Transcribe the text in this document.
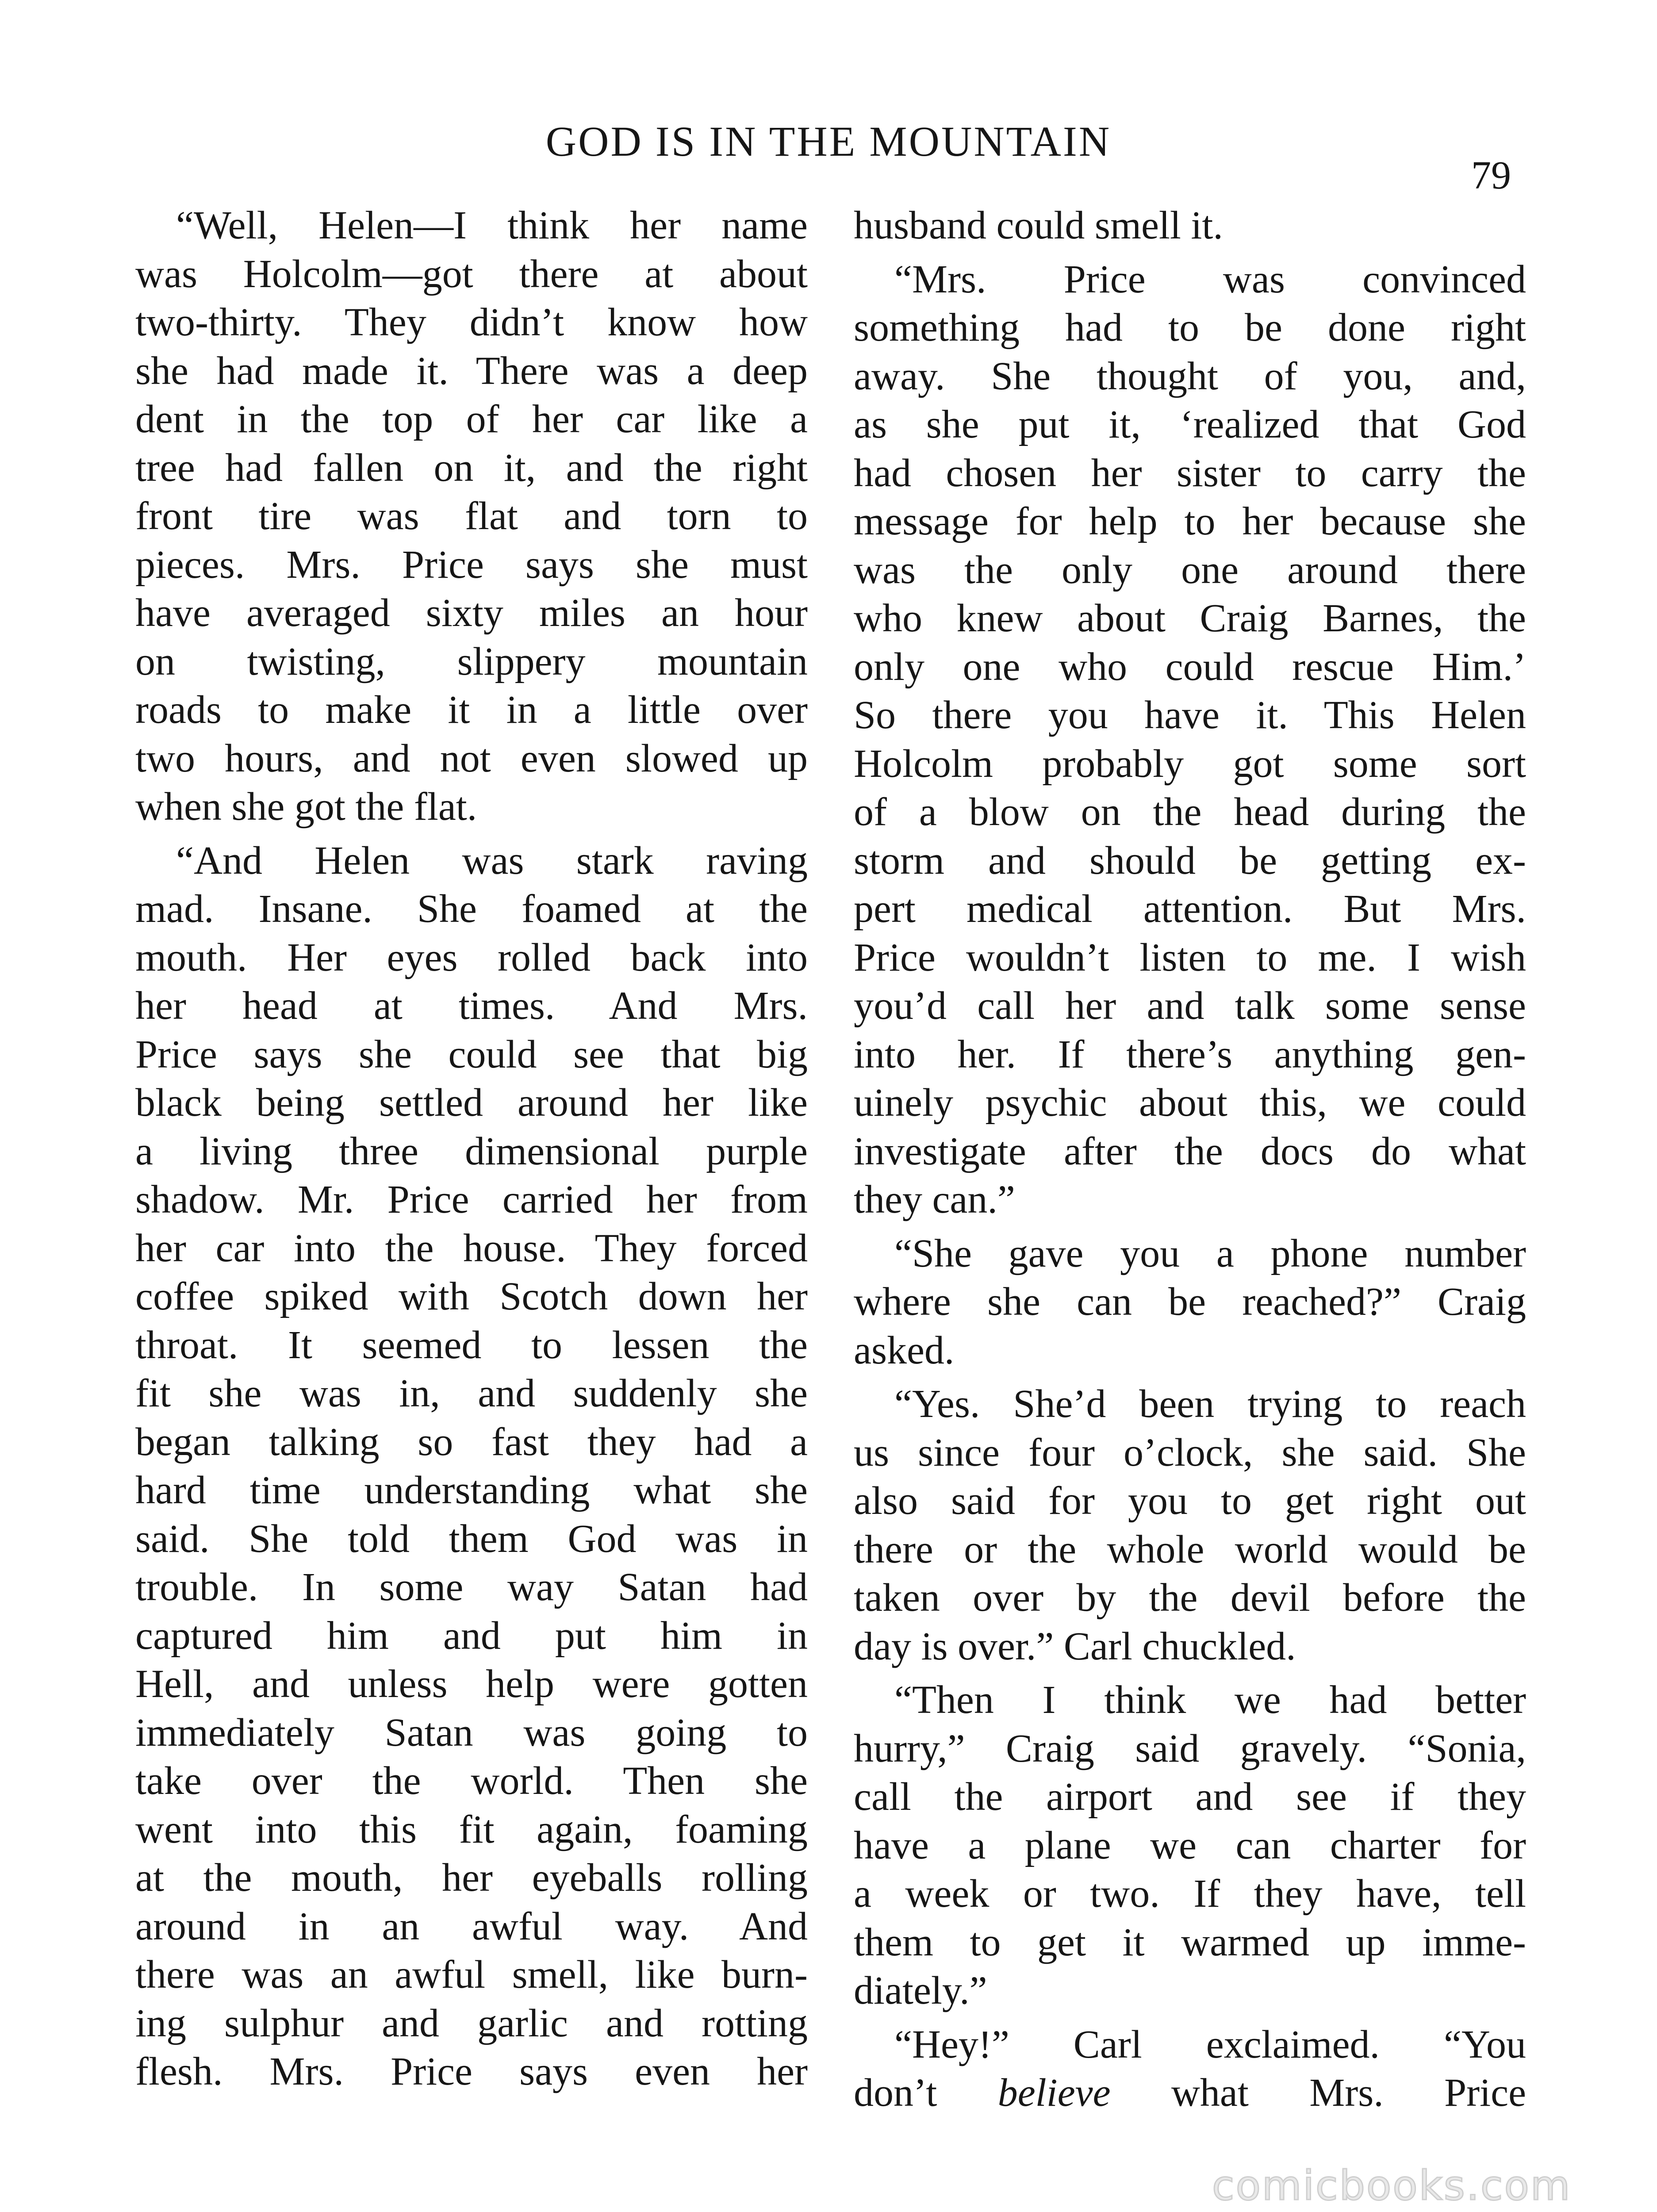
GOD IS IN THE MOUNTAIN
79
“Well, Helen—I think her name
was Holcolm—got there at about
two-thirty. They didn’t know how
she had made it. There was a deep
dent in the top of her car like a
tree had fallen on it, and the right
front tire was flat and torn to
pieces. Mrs. Price says she must
have averaged sixty miles an hour
on twisting, slippery mountain
roads to make it in a little over
two hours, and not even slowed up
when she got the flat.
“And Helen was stark raving
mad. Insane. She foamed at the
mouth. Her eyes rolled back into
her head at times. And Mrs.
Price says she could see that big
black being settled around her like
a living three dimensional purple
shadow. Mr. Price carried her from
her car into the house. They forced
coffee spiked with Scotch down her
throat. It seemed to lessen the
fit she was in, and suddenly she
began talking so fast they had a
hard time understanding what she
said. She told them God was in
trouble. In some way Satan had
captured him and put him in
Hell, and unless help were gotten
immediately Satan was going to
take over the world. Then she
went into this fit again, foaming
at the mouth, her eyeballs rolling
around in an awful way. And
there was an awful smell, like burn-
ing sulphur and garlic and rotting
flesh. Mrs. Price says even her
husband could smell it.
“Mrs. Price was convinced
something had to be done right
away. She thought of you, and,
as she put it, ‘realized that God
had chosen her sister to carry the
message for help to her because she
was the only one around there
who knew about Craig Barnes, the
only one who could rescue Him.’
So there you have it. This Helen
Holcolm probably got some sort
of a blow on the head during the
storm and should be getting ex-
pert medical attention. But Mrs.
Price wouldn’t listen to me. I wish
you’d call her and talk some sense
into her. If there’s anything gen-
uinely psychic about this, we could
investigate after the docs do what
they can.”
“She gave you a phone number
where she can be reached?” Craig
asked.
“Yes. She’d been trying to reach
us since four o’clock, she said. She
also said for you to get right out
there or the whole world would be
taken over by the devil before the
day is over.” Carl chuckled.
“Then I think we had better
hurry,” Craig said gravely. “Sonia,
call the airport and see if they
have a plane we can charter for
a week or two. If they have, tell
them to get it warmed up imme-
diately.”
“Hey!” Carl exclaimed. “You
don’t believe what Mrs. Price
comicbooks.com
